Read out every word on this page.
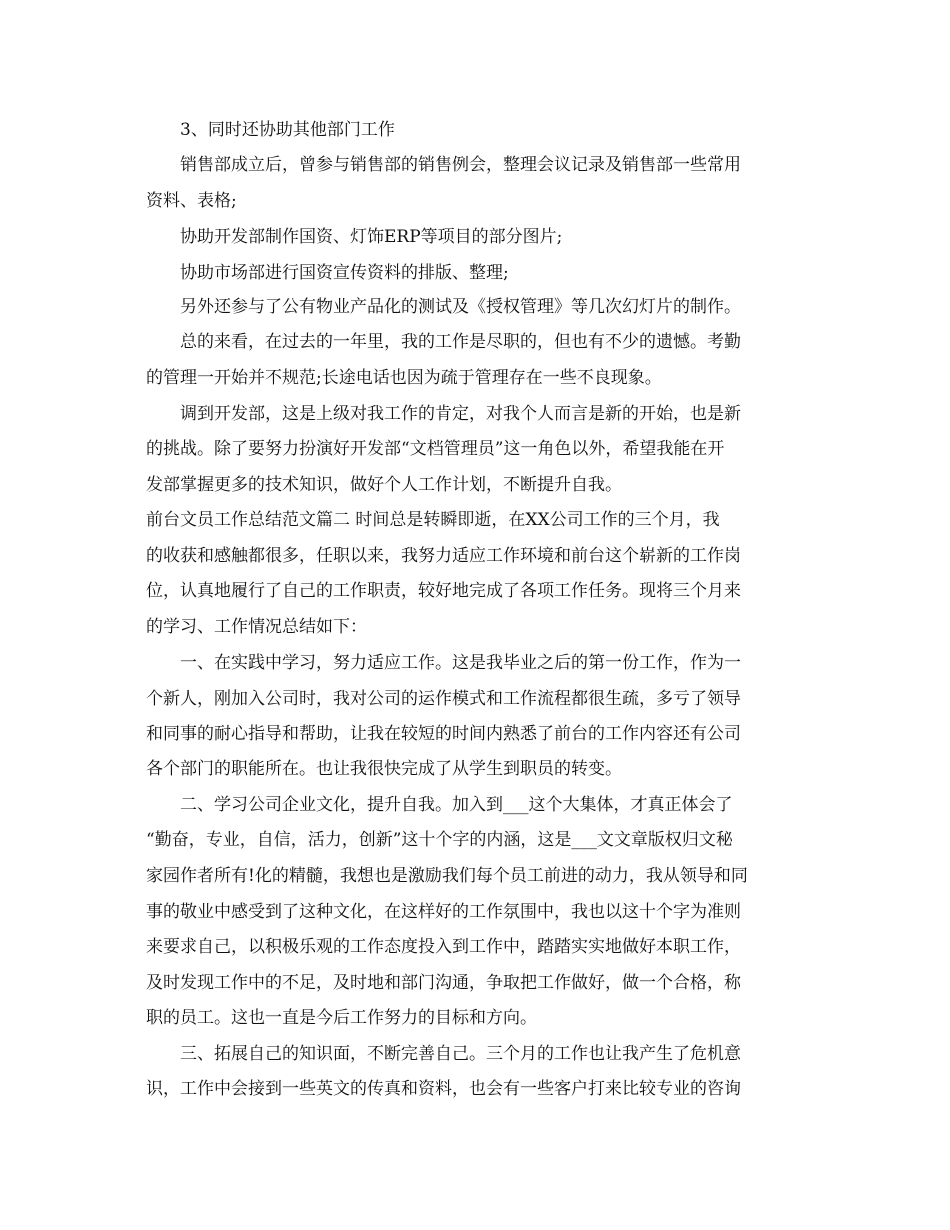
3、同时还协助其他部门工作
销售部成立后，曾参与销售部的销售例会，整理会议记录及销售部一些常用
资料、表格;
协助开发部制作国资、灯饰ERP等项目的部分图片;
协助市场部进行国资宣传资料的排版、整理;
另外还参与了公有物业产品化的测试及《授权管理》等几次幻灯片的制作。
总的来看，在过去的一年里，我的工作是尽职的，但也有不少的遗憾。考勤
的管理一开始并不规范;长途电话也因为疏于管理存在一些不良现象。
调到开发部，这是上级对我工作的肯定，对我个人而言是新的开始，也是新
的挑战。除了要努力扮演好开发部“文档管理员”这一角色以外，希望我能在开
发部掌握更多的技术知识，做好个人工作计划，不断提升自我。
前台文员工作总结范文篇二 时间总是转瞬即逝，在XX公司工作的三个月，我
的收获和感触都很多，任职以来，我努力适应工作环境和前台这个崭新的工作岗
位，认真地履行了自己的工作职责，较好地完成了各项工作任务。现将三个月来
的学习、工作情况总结如下：
一、在实践中学习，努力适应工作。这是我毕业之后的第一份工作，作为一
个新人，刚加入公司时，我对公司的运作模式和工作流程都很生疏，多亏了领导
和同事的耐心指导和帮助，让我在较短的时间内熟悉了前台的工作内容还有公司
各个部门的职能所在。也让我很快完成了从学生到职员的转变。
二、学习公司企业文化，提升自我。加入到___这个大集体，才真正体会了
“勤奋，专业，自信，活力，创新”这十个字的内涵，这是___文文章版权归文秘
家园作者所有!化的精髓，我想也是激励我们每个员工前进的动力，我从领导和同
事的敬业中感受到了这种文化，在这样好的工作氛围中，我也以这十个字为准则
来要求自己，以积极乐观的工作态度投入到工作中，踏踏实实地做好本职工作，
及时发现工作中的不足，及时地和部门沟通，争取把工作做好，做一个合格，称
职的员工。这也一直是今后工作努力的目标和方向。
三、拓展自己的知识面，不断完善自己。三个月的工作也让我产生了危机意
识，工作中会接到一些英文的传真和资料，也会有一些客户打来比较专业的咨询
